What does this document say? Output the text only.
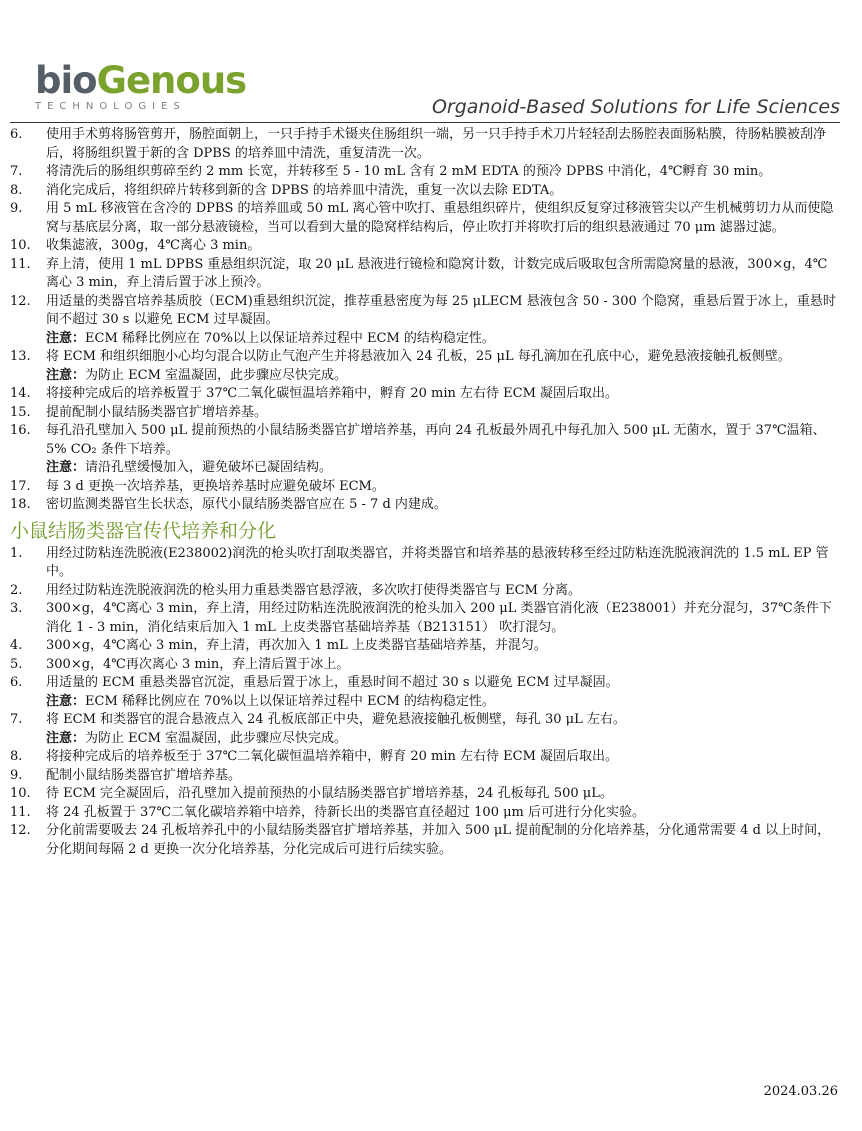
bioGenous
TECHNOLOGIES	Organoid-Based Solutions for Life Sciences
6. 使用手术剪将肠管剪开，肠腔面朝上，一只手持手术镊夹住肠组织一端，另一只手持手术刀片轻轻刮去肠腔表面肠粘膜，待肠粘膜被刮净后，将肠组织置于新的含 DPBS 的培养皿中清洗，重复清洗一次。
7. 将清洗后的肠组织剪碎至约 2 mm 长宽，并转移至 5 - 10 mL 含有 2 mM EDTA 的预冷 DPBS 中消化，4℃孵育 30 min。
8. 消化完成后，将组织碎片转移到新的含 DPBS 的培养皿中清洗，重复一次以去除 EDTA。
9. 用 5 mL 移液管在含冷的 DPBS 的培养皿或 50 mL 离心管中吹打、重悬组织碎片，使组织反复穿过移液管尖以产生机械剪切力从而使隐窝与基底层分离，取一部分悬液镜检，当可以看到大量的隐窝样结构后，停止吹打并将吹打后的组织悬液通过 70 μm 滤器过滤。
10. 收集滤液，300g，4℃离心 3 min。
11. 弃上清，使用 1 mL DPBS 重悬组织沉淀，取 20 μL 悬液进行镜检和隐窝计数，计数完成后吸取包含所需隐窝量的悬液，300×g，4℃离心 3 min，弃上清后置于冰上预冷。
12. 用适量的类器官培养基质胶（ECM)重悬组织沉淀，推荐重悬密度为每 25 μLECM 悬液包含 50 - 300 个隐窝，重悬后置于冰上，重悬时间不超过 30 s 以避免 ECM 过早凝固。
注意：ECM 稀释比例应在 70%以上以保证培养过程中 ECM 的结构稳定性。
13. 将 ECM 和组织细胞小心均匀混合以防止气泡产生并将悬液加入 24 孔板，25 μL 每孔滴加在孔底中心，避免悬液接触孔板侧壁。
注意：为防止 ECM 室温凝固，此步骤应尽快完成。
14. 将接种完成后的培养板置于 37℃二氧化碳恒温培养箱中，孵育 20 min 左右待 ECM 凝固后取出。
15. 提前配制小鼠结肠类器官扩增培养基。
16. 每孔沿孔壁加入 500 μL 提前预热的小鼠结肠类器官扩增培养基，再向 24 孔板最外周孔中每孔加入 500 μL 无菌水，置于 37℃温箱、5% CO₂ 条件下培养。
注意：请沿孔壁缓慢加入，避免破坏已凝固结构。
17. 每 3 d 更换一次培养基，更换培养基时应避免破坏 ECM。
18. 密切监测类器官生长状态，原代小鼠结肠类器官应在 5 - 7 d 内建成。
小鼠结肠类器官传代培养和分化
1. 用经过防粘连洗脱液(E238002)润洗的枪头吹打刮取类器官，并将类器官和培养基的悬液转移至经过防粘连洗脱液润洗的 1.5 mL EP 管中。
2. 用经过防粘连洗脱液润洗的枪头用力重悬类器官悬浮液，多次吹打使得类器官与 ECM 分离。
3. 300×g，4℃离心 3 min，弃上清，用经过防粘连洗脱液润洗的枪头加入 200 μL 类器官消化液（E238001）并充分混匀，37℃条件下消化 1 - 3 min，消化结束后加入 1 mL 上皮类器官基础培养基（B213151） 吹打混匀。
4. 300×g，4℃离心 3 min，弃上清，再次加入 1 mL 上皮类器官基础培养基，并混匀。
5. 300×g，4℃再次离心 3 min，弃上清后置于冰上。
6. 用适量的 ECM 重悬类器官沉淀，重悬后置于冰上，重悬时间不超过 30 s 以避免 ECM 过早凝固。
注意：ECM 稀释比例应在 70%以上以保证培养过程中 ECM 的结构稳定性。
7. 将 ECM 和类器官的混合悬液点入 24 孔板底部正中央，避免悬液接触孔板侧壁，每孔 30 μL 左右。
注意：为防止 ECM 室温凝固，此步骤应尽快完成。
8. 将接种完成后的培养板至于 37℃二氧化碳恒温培养箱中，孵育 20 min 左右待 ECM 凝固后取出。
9. 配制小鼠结肠类器官扩增培养基。
10. 待 ECM 完全凝固后，沿孔壁加入提前预热的小鼠结肠类器官扩增培养基，24 孔板每孔 500 μL。
11. 将 24 孔板置于 37℃二氧化碳培养箱中培养，待新长出的类器官直径超过 100 μm 后可进行分化实验。
12. 分化前需要吸去 24 孔板培养孔中的小鼠结肠类器官扩增培养基，并加入 500 μL 提前配制的分化培养基，分化通常需要 4 d 以上时间，分化期间每隔 2 d 更换一次分化培养基，分化完成后可进行后续实验。
2024.03.26
